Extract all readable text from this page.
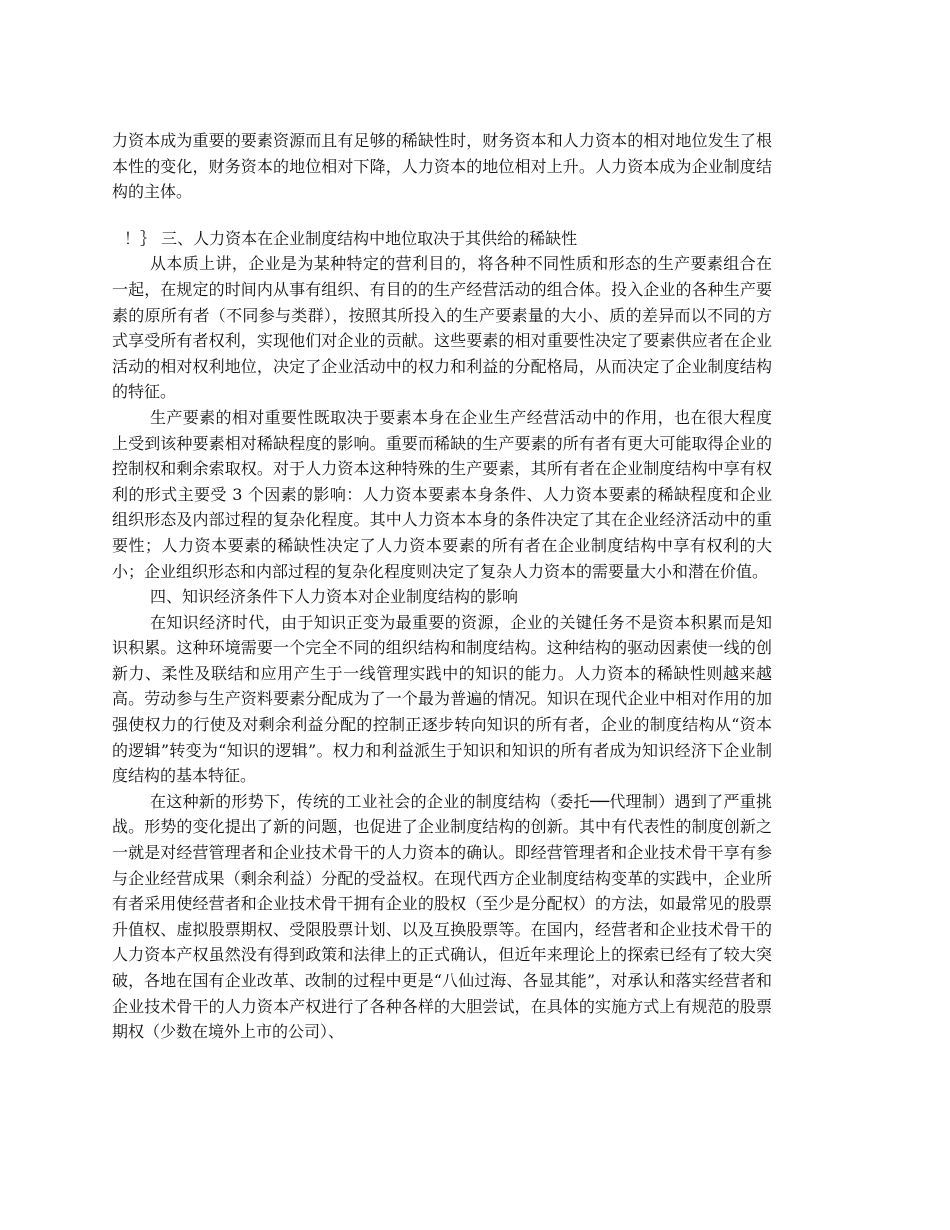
力资本成为重要的要素资源而且有足够的稀缺性时，财务资本和人力资本的相对地位发生了根本性的变化，财务资本的地位相对下降，人力资本的地位相对上升。人力资本成为企业制度结构的主体。

！｝ 三、人力资本在企业制度结构中地位取决于其供给的稀缺性

从本质上讲，企业是为某种特定的营利目的，将各种不同性质和形态的生产要素组合在一起，在规定的时间内从事有组织、有目的的生产经营活动的组合体。投入企业的各种生产要素的原所有者（不同参与类群），按照其所投入的生产要素量的大小、质的差异而以不同的方式享受所有者权利，实现他们对企业的贡献。这些要素的相对重要性决定了要素供应者在企业活动的相对权利地位，决定了企业活动中的权力和利益的分配格局，从而决定了企业制度结构的特征。

生产要素的相对重要性既取决于要素本身在企业生产经营活动中的作用，也在很大程度上受到该种要素相对稀缺程度的影响。重要而稀缺的生产要素的所有者有更大可能取得企业的控制权和剩余索取权。对于人力资本这种特殊的生产要素，其所有者在企业制度结构中享有权利的形式主要受 3 个因素的影响：人力资本要素本身条件、人力资本要素的稀缺程度和企业组织形态及内部过程的复杂化程度。其中人力资本本身的条件决定了其在企业经济活动中的重要性；人力资本要素的稀缺性决定了人力资本要素的所有者在企业制度结构中享有权利的大小；企业组织形态和内部过程的复杂化程度则决定了复杂人力资本的需要量大小和潜在价值。

四、知识经济条件下人力资本对企业制度结构的影响

在知识经济时代，由于知识正变为最重要的资源，企业的关键任务不是资本积累而是知识积累。这种环境需要一个完全不同的组织结构和制度结构。这种结构的驱动因素使一线的创新力、柔性及联结和应用产生于一线管理实践中的知识的能力。人力资本的稀缺性则越来越高。劳动参与生产资料要素分配成为了一个最为普遍的情况。知识在现代企业中相对作用的加强使权力的行使及对剩余利益分配的控制正逐步转向知识的所有者，企业的制度结构从“资本的逻辑”转变为“知识的逻辑”。权力和利益派生于知识和知识的所有者成为知识经济下企业制度结构的基本特征。

在这种新的形势下，传统的工业社会的企业的制度结构（委托──代理制）遇到了严重挑战。形势的变化提出了新的问题，也促进了企业制度结构的创新。其中有代表性的制度创新之一就是对经营管理者和企业技术骨干的人力资本的确认。即经营管理者和企业技术骨干享有参与企业经营成果（剩余利益）分配的受益权。在现代西方企业制度结构变革的实践中，企业所有者采用使经营者和企业技术骨干拥有企业的股权（至少是分配权）的方法，如最常见的股票升值权、虚拟股票期权、受限股票计划、以及互换股票等。在国内，经营者和企业技术骨干的人力资本产权虽然没有得到政策和法律上的正式确认，但近年来理论上的探索已经有了较大突破，各地在国有企业改革、改制的过程中更是“八仙过海、各显其能”，对承认和落实经营者和企业技术骨干的人力资本产权进行了各种各样的大胆尝试，在具体的实施方式上有规范的股票期权（少数在境外上市的公司）、
